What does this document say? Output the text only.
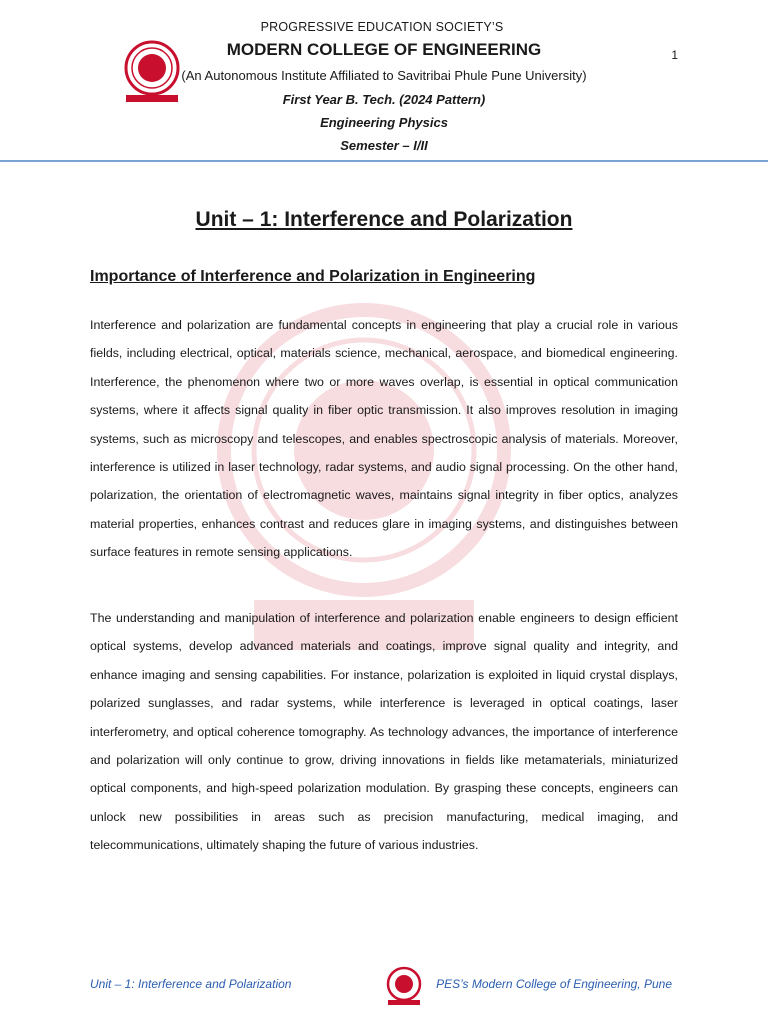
PROGRESSIVE EDUCATION SOCIETY’S
MODERN COLLEGE OF ENGINEERING
(An Autonomous Institute Affiliated to Savitribai Phule Pune University)
First Year B. Tech. (2024 Pattern)
Engineering Physics
Semester – I/II
1
Unit – 1: Interference and Polarization
Importance of Interference and Polarization in Engineering

Interference and polarization are fundamental concepts in engineering that play a crucial role in various fields, including electrical, optical, materials science, mechanical, aerospace, and biomedical engineering. Interference, the phenomenon where two or more waves overlap, is essential in optical communication systems, where it affects signal quality in fiber optic transmission. It also improves resolution in imaging systems, such as microscopy and telescopes, and enables spectroscopic analysis of materials. Moreover, interference is utilized in laser technology, radar systems, and audio signal processing. On the other hand, polarization, the orientation of electromagnetic waves, maintains signal integrity in fiber optics, analyzes material properties, enhances contrast and reduces glare in imaging systems, and distinguishes between surface features in remote sensing applications.

The understanding and manipulation of interference and polarization enable engineers to design efficient optical systems, develop advanced materials and coatings, improve signal quality and integrity, and enhance imaging and sensing capabilities. For instance, polarization is exploited in liquid crystal displays, polarized sunglasses, and radar systems, while interference is leveraged in optical coatings, laser interferometry, and optical coherence tomography. As technology advances, the importance of interference and polarization will only continue to grow, driving innovations in fields like metamaterials, miniaturized optical components, and high-speed polarization modulation. By grasping these concepts, engineers can unlock new possibilities in areas such as precision manufacturing, medical imaging, and telecommunications, ultimately shaping the future of various industries.

Unit – 1: Interference and Polarization	PES’s Modern College of Engineering, Pune
